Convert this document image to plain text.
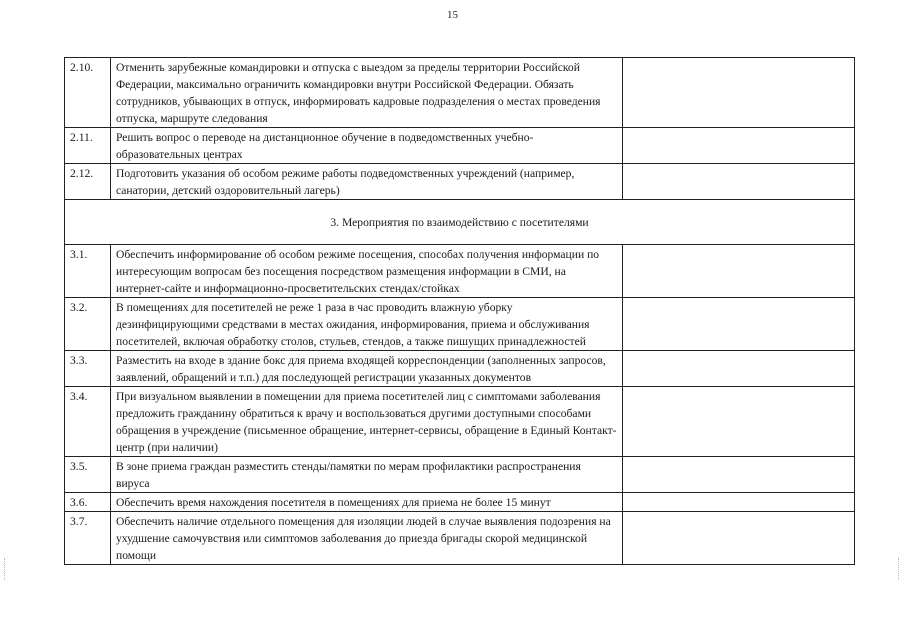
15
2.10.	Отменить зарубежные командировки и отпуска с выездом за пределы территории Российской Федерации, максимально ограничить командировки внутри Российской Федерации. Обязать сотрудников, убывающих в отпуск, информировать кадровые подразделения о местах проведения отпуска, маршруте следования	
2.11.	Решить вопрос о переводе на дистанционное обучение в подведомственных учебно-образовательных центрах	
2.12.	Подготовить указания об особом режиме работы подведомственных учреждений (например, санатории, детский оздоровительный лагерь)	
3. Мероприятия по взаимодействию с посетителями		
3.1.	Обеспечить информирование об особом режиме посещения, способах получения информации по интересующим вопросам без посещения посредством размещения информации в СМИ, на интернет-сайте и информационно-просветительских стендах/стойках	
3.2.	В помещениях для посетителей не реже 1 раза в час проводить влажную уборку дезинфицирующими средствами в местах ожидания, информирования, приема и обслуживания посетителей, включая обработку столов, стульев, стендов, а также пишущих принадлежностей	
3.3.	Разместить на входе в здание бокс для приема входящей корреспонденции (заполненных запросов, заявлений, обращений и т.п.) для последующей регистрации указанных документов	
3.4.	При визуальном выявлении в помещении для приема посетителей лиц с симптомами заболевания предложить гражданину обратиться к врачу и воспользоваться другими доступными способами обращения в учреждение (письменное обращение, интернет-сервисы, обращение в Единый Контакт-центр (при наличии)	
3.5.	В зоне приема граждан разместить стенды/памятки по мерам профилактики распространения вируса	
3.6.	Обеспечить время нахождения посетителя в помещениях для приема не более 15 минут	
3.7.	Обеспечить наличие отдельного помещения для изоляции людей в случае выявления подозрения на ухудшение самочувствия или симптомов заболевания до приезда бригады скорой медицинской помощи	
